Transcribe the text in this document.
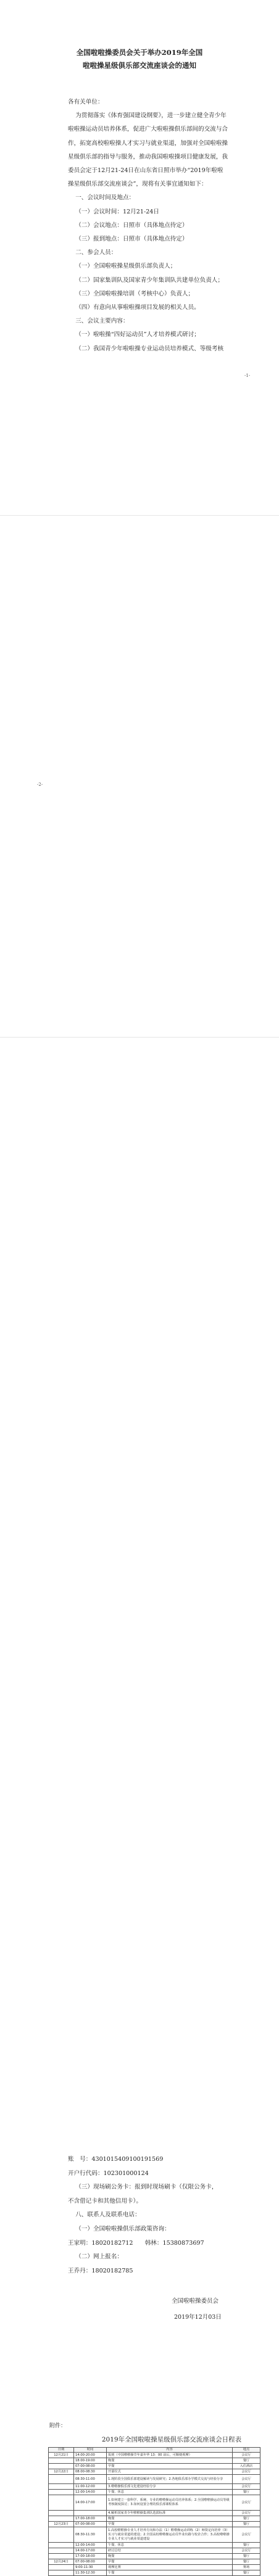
全国啦啦操委员会关于举办2019年全国
啦啦操星级俱乐部交流座谈会的通知
各有关单位：
为贯彻落实《体育强国建设纲要》，进一步建立健全青少年
啦啦操运动员培养体系，促进广大啦啦操俱乐部间的交流与合
作，拓宽高校啦啦操人才实习与就业渠道，加强对全国啦啦操
星级俱乐部的指导与服务，推动我国啦啦操项目健康发展，我
委员会定于12月21-24日在山东省日照市举办“2019年啦啦
操星级俱乐部交流座谈会”，现将有关事宜通知如下：
一、会议时间及地点：
（一）会议时间：12月21-24日
（二）会议地点：日照市（具体地点待定）
（三）报到地点：日照市（具体地点待定）
二、参会人员：
（一）全国啦啦操星级俱乐部负责人；
（二）国家集训队及国家青少年集训队共建单位负责人；
（三）全国啦啦操培训（考核中心）负责人；
（四）有意向从事啦啦操项目发展的相关人员。
三、会议主要内容：
（一）啦啦操“四好运动员”人才培养模式研讨；
（二）我国青少年啦啦操专业运动员培养模式、等级考核
-1-
-2-
账　号：4301015409100191569
开户行代码：102301000124
（三）现场刷公务卡：报到时现场刷卡（仅限公务卡，
不含借记卡和其他信用卡）。
八、联系人及联系电话：
（一）全国啦啦操俱乐部政策咨询：
王家明：18020182712　　韩林：15380873697
（二）网上报名：
王乔丹：18020182785
全国啦啦操委员会
2019年12月03日
附件：
2019年全国啦啦操星级俱乐部交流座谈会日程表
日期	时间	内容	地点
12月21日	14:00-20:00	报到（中国啦啦操节年嘉年华 13：00 前后，可顺便观摩）	会议厅
	18:00-19:00	晚餐	餐厅
	07:00-08:00	早餐	入住酒店
12月22日	08:00-08:30	开幕仪式	会议厅
	08:30-11:00	1.现阶段全国俱乐部建设解读与发展研究；2.各地俱乐部办学模式交流与经验分享	会议厅
	11:00-12:00	3.啦啦操俱乐部文化建设经验分享	会议厅
	12:00-14:00	午餐、休息	餐厅
	14:00-17:00	1.如何建立一套科学、系统、专业的啦啦操运动员培养体系；2.全国啦啦操运动员等级考核制度探讨；3.如何设置合理的俱乐部课程体系	会议厅
		4.解析国家青少年啦啦操集训队选拔标准	会议厅
	17:00-18:00	晚餐	餐厅
12月23日	07:00-08:00	早餐	餐厅
	08:30-11:30	1.高校啦啦操专业人才培养方向和办法（1）啦啦操运动训练（2）师资定向培养（3）实习与就业渠道的建设；2.全国高校啦啦操运动员毕业出路与校企合作；3.高校啦啦操专业人才实习与就业渠道建设	会议厅
	12:00-14:00	午餐、休息	餐厅
	14:00-17:00	研讨总结	会议厅
	17:00-18:00	晚餐	餐厅
12月24日	07:00-08:00	早餐	餐厅
	9:00-11:30	观摩比赛	赛场
	11:30-12:30	午餐	餐厅
